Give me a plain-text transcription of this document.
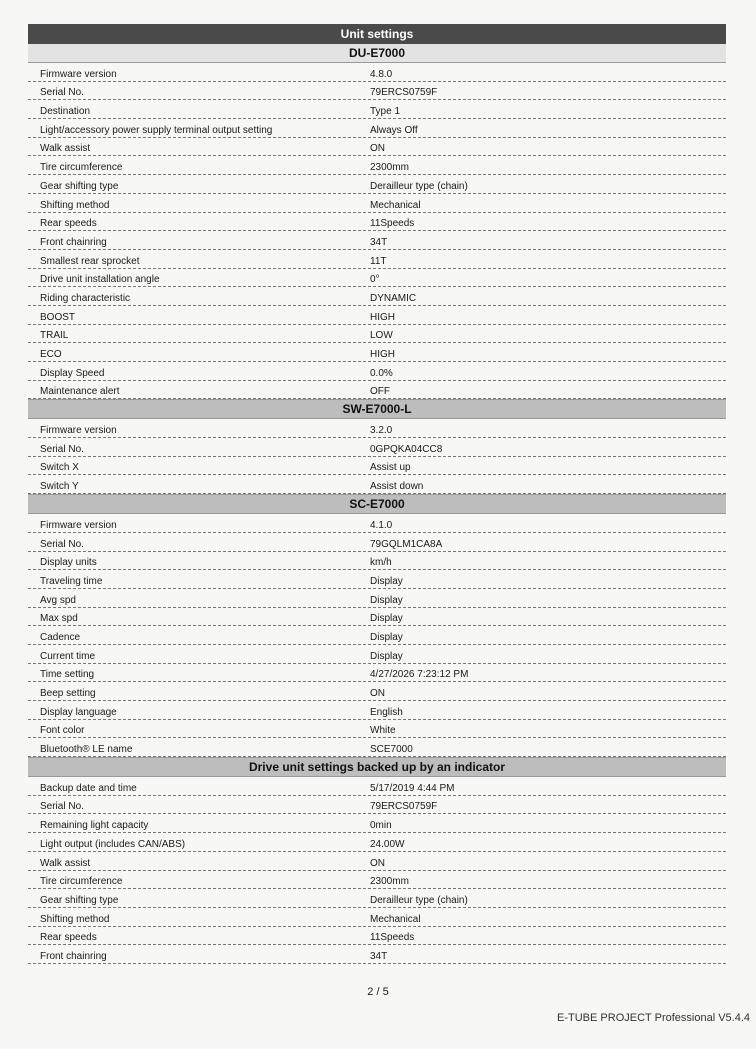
Unit settings
DU-E7000
Firmware version	4.8.0
Serial No.	79ERCS0759F
Destination	Type 1
Light/accessory power supply terminal output setting	Always Off
Walk assist	ON
Tire circumference	2300mm
Gear shifting type	Derailleur type (chain)
Shifting method	Mechanical
Rear speeds	11Speeds
Front chainring	34T
Smallest rear sprocket	11T
Drive unit installation angle	0°
Riding characteristic	DYNAMIC
BOOST	HIGH
TRAIL	LOW
ECO	HIGH
Display Speed	0.0%
Maintenance alert	OFF
SW-E7000-L
Firmware version	3.2.0
Serial No.	0GPQKA04CC8
Switch X	Assist up
Switch Y	Assist down
SC-E7000
Firmware version	4.1.0
Serial No.	79GQLM1CA8A
Display units	km/h
Traveling time	Display
Avg spd	Display
Max spd	Display
Cadence	Display
Current time	Display
Time setting	4/27/2026 7:23:12 PM
Beep setting	ON
Display language	English
Font color	White
Bluetooth® LE name	SCE7000
Drive unit settings backed up by an indicator
Backup date and time	5/17/2019 4:44 PM
Serial No.	79ERCS0759F
Remaining light capacity	0min
Light output (includes CAN/ABS)	24.00W
Walk assist	ON
Tire circumference	2300mm
Gear shifting type	Derailleur type (chain)
Shifting method	Mechanical
Rear speeds	11Speeds
Front chainring	34T
2 / 5
E-TUBE PROJECT Professional V5.4.4
